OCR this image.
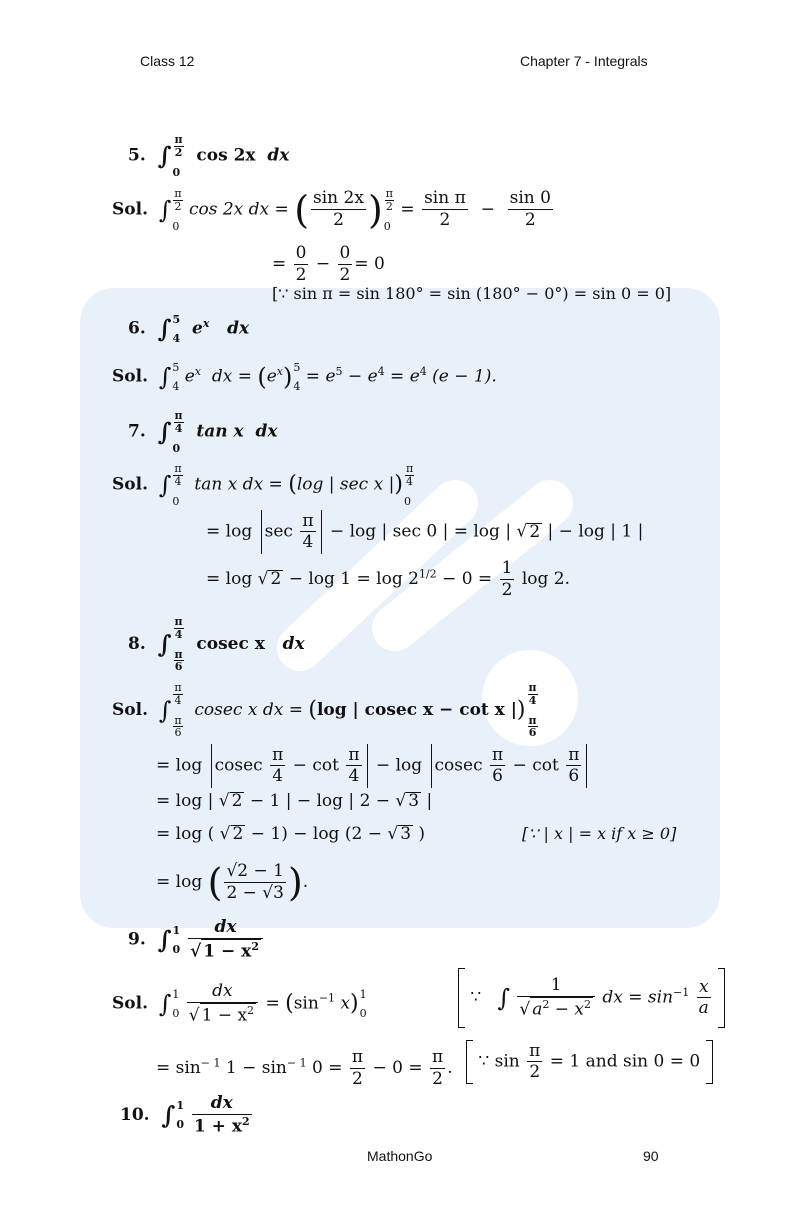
Class 12	Chapter 7 - Integrals
5. ∫
π
2
0
cos 2x dx
Sol. ∫
π
2
0
cos 2x dx = ( $\frac{\sin 2x}{2}$ ) π
2
0
= $\frac{\text{sin π}}{2} - \frac{\sin 0}{2}$
= $\frac{0}{2} - \frac{0}{2} = 0$
[∵ sin π = sin 180° = sin (180° − 0°) = sin 0 = 0]
6. ∫ 5
4 $e^x$ dx
Sol. ∫ 5
4 $e^x$ dx = $(e^x)$ 5
$4 = e^5 - e^4 = e^4$ (e − 1).
7. ∫
π
4
0
tan x dx
Sol. ∫
π
4
0
tan x dx = (log | sec x |)
π
4
0
= $\log \sec \frac{\pi}{4} - \log$ | sec 0 | = log | √ 2 | − log | 1 |
= log √ $2 - \log 1 = \log 2^{1/2} - 0 = \frac{1}{2}$ log 2.
8. ∫
π
4
π
6
cosec x dx
Sol. ∫
π
4
π
6
cosec x dx = (log | cosec x − cot x |)
π
4
π
6
= log cosec $\frac{\pi}{4} - \cot \frac{\pi}{4} - \log cosec \frac{\pi}{6} - \cot \frac{\pi}{6}$
= log | √ 2 − 1 | − log | 2 − √ 3 |
= log ( √ 2 − 1) − log (2 − √ 3 )	[∵ | x | = x if x ≥ 0]
= log ( $\frac{√2 - 1}{2 - √3}$ ).
9. ∫ 1
0
$\frac{dx}{√ 1 - x^2}$
Sol. ∫ 1
0
$\frac{dx}{√ 1 - x^2} = (\sin^{-1}$ x) 1
0
∵ ∫ $\frac{1}{√ a^2 - x^2}$ dx = $\sin^{-1} \frac{x}{a}$

= $\sin^{- 1} 1 - \sin^{- 1} 0 = \frac{\pi}{2} - 0 = \frac{\pi}{2}$ .	∵ $\sin \frac{\pi}{2} = 1$ and sin 0 = 0
10. ∫ 1
0
$\frac{dx}{1 + x^2}$
MathonGo	90
